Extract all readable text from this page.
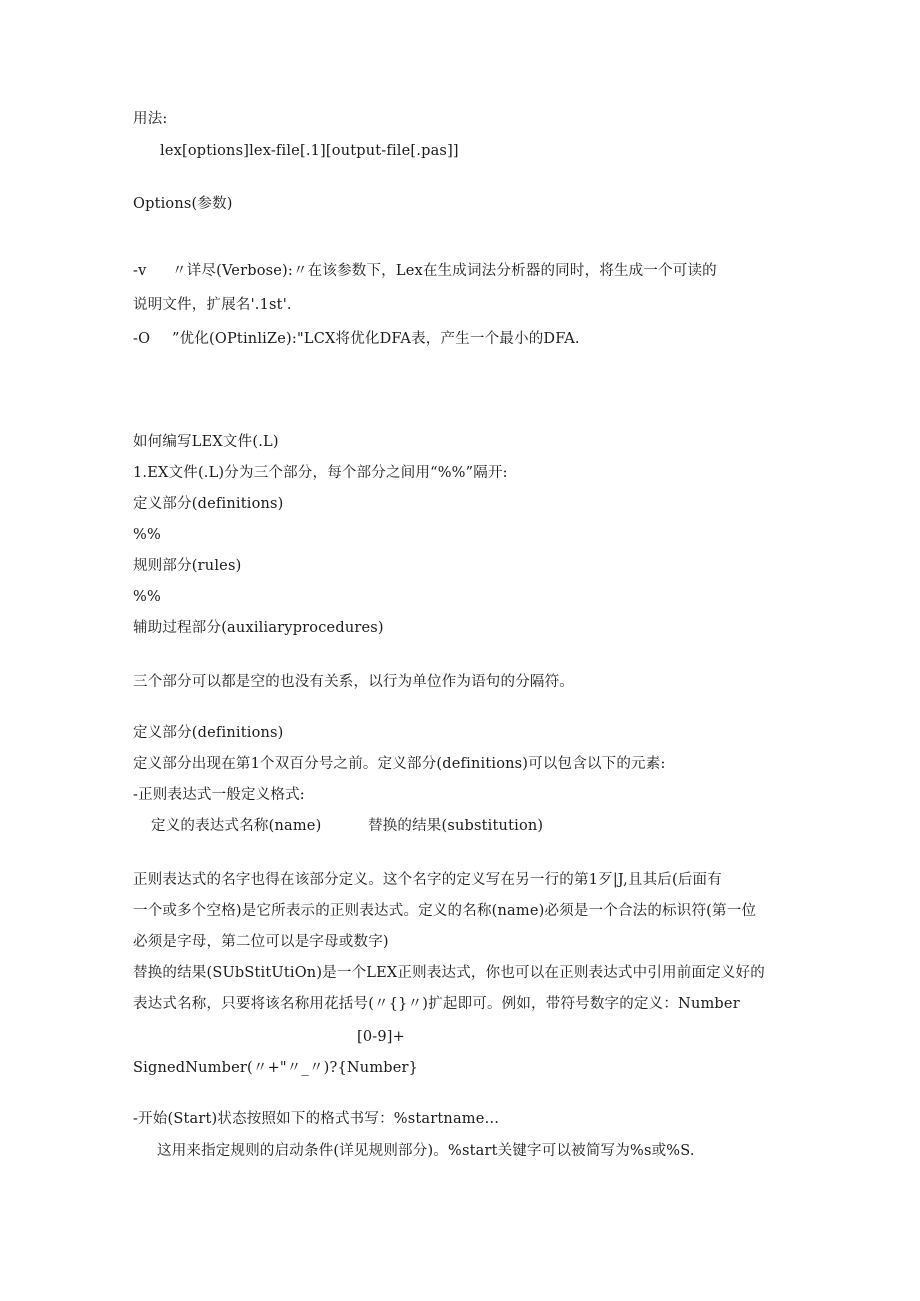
用法:
lex[options]lex-file[.1][output-file[.pas]]
Options(参数)
-v 〃详尽(Verbose):〃在该参数下，Lex在生成词法分析器的同时，将生成一个可读的
说明文件，扩展名'.1st'.
-O ”优化(OPtinliZe):"LCX将优化DFA表，产生一个最小的DFA.
如何编写LEX文件(.L)
1.EX文件(.L)分为三个部分，每个部分之间用“%%”隔开:
定义部分(definitions)
%%
规则部分(rules)
%%
辅助过程部分(auxiliaryprocedures)
三个部分可以都是空的也没有关系，以行为单位作为语句的分隔符。
定义部分(definitions)
定义部分出现在第1个双百分号之前。定义部分(definitions)可以包含以下的元素:
-正则表达式一般定义格式:
定义的表达式名称(name)	替换的结果(substitution)
正则表达式的名字也得在该部分定义。这个名字的定义写在另一行的第1歹|J,且其后(后面有
一个或多个空格)是它所表示的正则表达式。定义的名称(name)必须是一个合法的标识符(第一位
必须是字母，第二位可以是字母或数字)
替换的结果(SUbStitUtiOn)是一个LEX正则表达式，你也可以在正则表达式中引用前面定义好的
表达式名称，只要将该名称用花括号(〃{}〃)扩起即可。例如，带符号数字的定义：Number
[0-9]+
SignedNumber(〃+"〃_〃)?{Number}
-开始(Start)状态按照如下的格式书写：%startname…
这用来指定规则的启动条件(详见规则部分)。%start关键字可以被简写为%s或%S.
